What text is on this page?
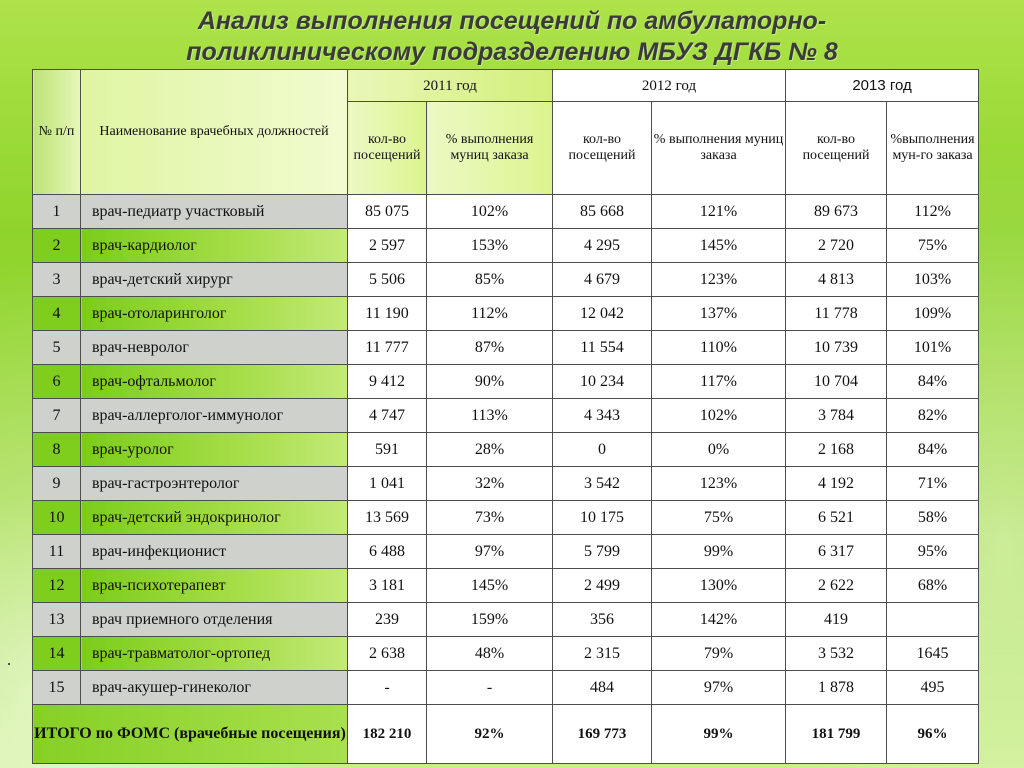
Анализ выполнения посещений по амбулаторно-
поликлиническому подразделению МБУЗ ДГКБ № 8
№ п/п	Наименование врачебных должностей	2011 год		2012 год		2013 год	
		кол-во посещений	% выполнения муниц заказа	кол-во посещений	% выполнения муниц заказа	кол-во посещений	%выполнения мун-го заказа
1	врач-педиатр участковый	85 075	102%	85 668	121%	89 673	112%
2	врач-кардиолог	2 597	153%	4 295	145%	2 720	75%
3	врач-детский хирург	5 506	85%	4 679	123%	4 813	103%
4	врач-отоларинголог	11 190	112%	12 042	137%	11 778	109%
5	врач-невролог	11 777	87%	11 554	110%	10 739	101%
6	врач-офтальмолог	9 412	90%	10 234	117%	10 704	84%
7	врач-аллерголог-иммунолог	4 747	113%	4 343	102%	3 784	82%
8	врач-уролог	591	28%	0	0%	2 168	84%
9	врач-гастроэнтеролог	1 041	32%	3 542	123%	4 192	71%
10	врач-детский эндокринолог	13 569	73%	10 175	75%	6 521	58%
11	врач-инфекционист	6 488	97%	5 799	99%	6 317	95%
12	врач-психотерапевт	3 181	145%	2 499	130%	2 622	68%
13	врач приемного отделения	239	159%	356	142%	419	
14	врач-травматолог-ортопед	2 638	48%	2 315	79%	3 532	1645
15	врач-акушер-гинеколог	-	-	484	97%	1 878	495
ИТОГО по ФОМС (врачебные посещения)		182 210	92%	169 773	99%	181 799	96%
